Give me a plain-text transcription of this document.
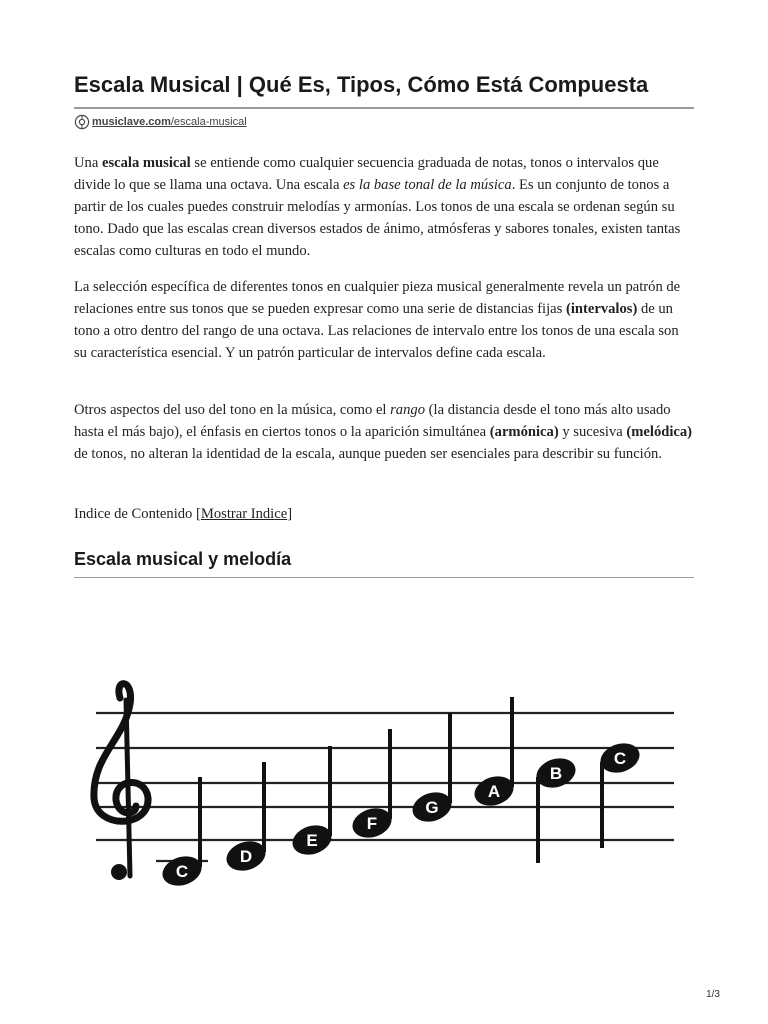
Escala Musical | Qué Es, Tipos, Cómo Está Compuesta
musiclave.com/escala-musical

Una escala musical se entiende como cualquier secuencia graduada de notas, tonos o intervalos que divide lo que se llama una octava. Una escala es la base tonal de la música. Es un conjunto de tonos a partir de los cuales puedes construir melodías y armonías. Los tonos de una escala se ordenan según su tono. Dado que las escalas crean diversos estados de ánimo, atmósferas y sabores tonales, existen tantas escalas como culturas en todo el mundo.

La selección específica de diferentes tonos en cualquier pieza musical generalmente revela un patrón de relaciones entre sus tonos que se pueden expresar como una serie de distancias fijas (intervalos) de un tono a otro dentro del rango de una octava. Las relaciones de intervalo entre los tonos de una escala son su característica esencial. Y un patrón particular de intervalos define cada escala.

Otros aspectos del uso del tono en la música, como el rango (la distancia desde el tono más alto usado hasta el más bajo), el énfasis en ciertos tonos o la aparición simultánea (armónica) y sucesiva (melódica) de tonos, no alteran la identidad de la escala, aunque pueden ser esenciales para describir su función.

Indice de Contenido [Mostrar Indice]

Escala musical y melodía
C
D
E
F
G
A
B
C
1/3
